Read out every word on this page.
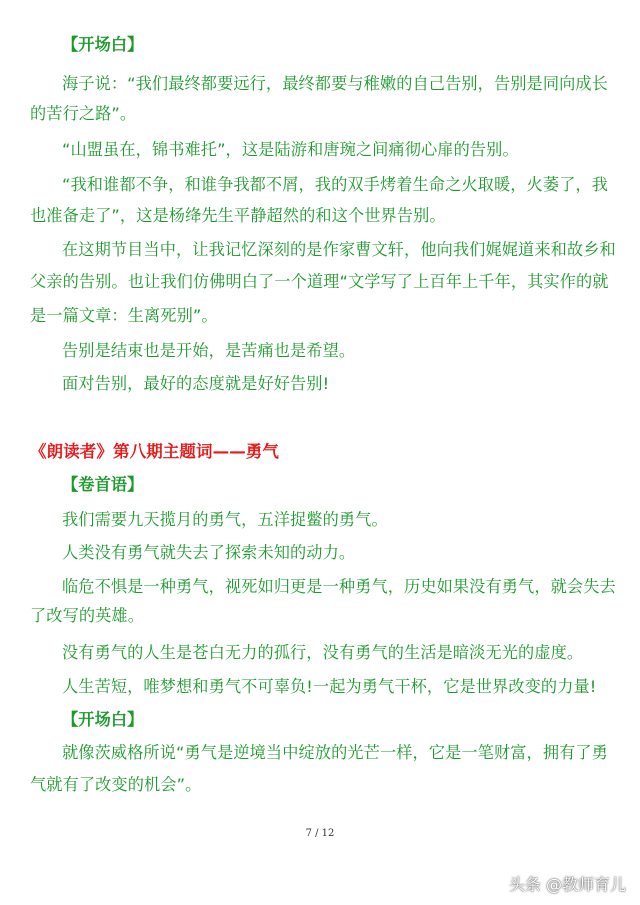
【开场白】
海子说：“我们最终都要远行，最终都要与稚嫩的自己告别，告别是同向成长
的苦行之路”。
“山盟虽在，锦书难托”，这是陆游和唐琬之间痛彻心扉的告别。
“我和谁都不争，和谁争我都不屑，我的双手烤着生命之火取暖，火萎了，我
也准备走了”，这是杨绛先生平静超然的和这个世界告别。
在这期节目当中，让我记忆深刻的是作家曹文轩，他向我们娓娓道来和故乡和
父亲的告别。也让我们仿佛明白了一个道理“文学写了上百年上千年，其实作的就
是一篇文章：生离死别”。
告别是结束也是开始，是苦痛也是希望。
面对告别，最好的态度就是好好告别!
《朗读者》第八期主题词——勇气
【卷首语】
我们需要九天揽月的勇气，五洋捉鳖的勇气。
人类没有勇气就失去了探索未知的动力。
临危不惧是一种勇气，视死如归更是一种勇气，历史如果没有勇气，就会失去
了改写的英雄。
没有勇气的人生是苍白无力的孤行，没有勇气的生活是暗淡无光的虚度。
人生苦短，唯梦想和勇气不可辜负!一起为勇气干杯，它是世界改变的力量!
【开场白】
就像茨威格所说“勇气是逆境当中绽放的光芒一样，它是一笔财富，拥有了勇
气就有了改变的机会”。
7 / 12
头条 @教师育儿
